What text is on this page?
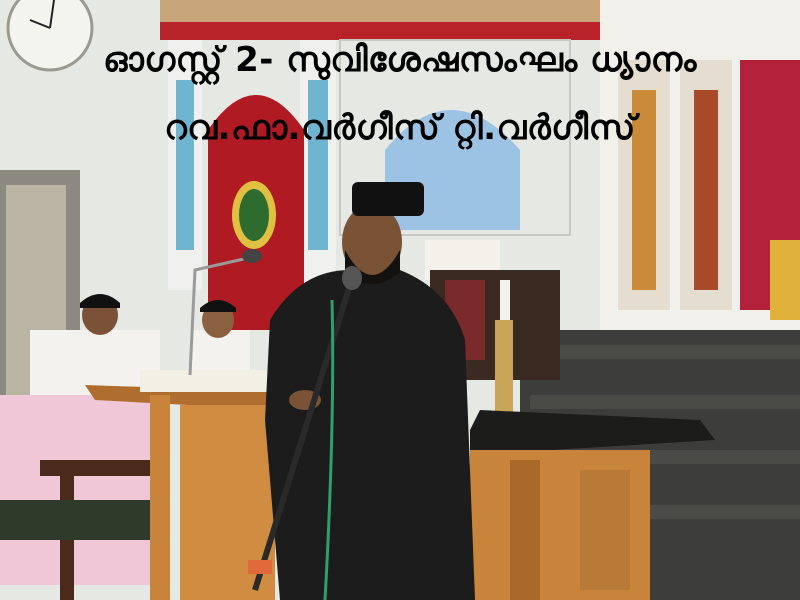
ഓഗസ്റ്റ് 2- സുവിശേഷസംഘം ധ്യാനം
റവ.ഫാ.വർഗീസ് റ്റി.വർഗീസ്
